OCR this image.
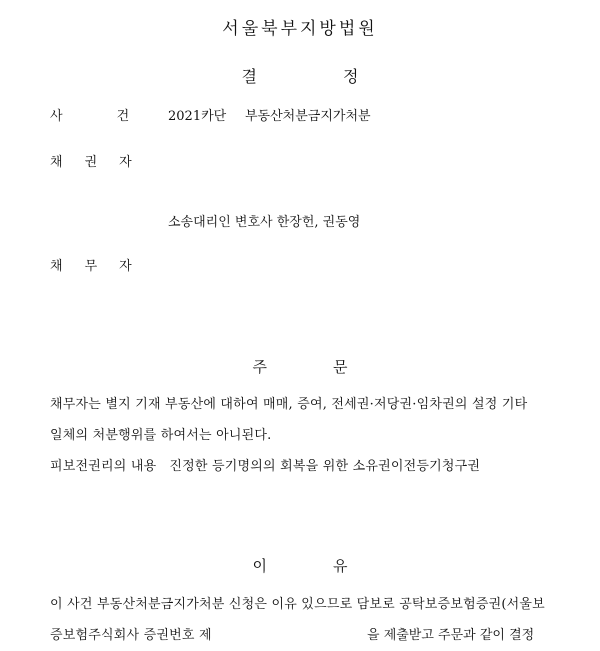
서울북부지방법원
결	정
사	건	2021카단 부동산처분금지가처분
채 권 자
소송대리인 변호사 한장헌, 권동영
채 무 자
주	문
채무자는 별지 기재 부동산에 대하여 매매, 증여, 전세권·저당권·임차권의 설정 기타
일체의 처분행위를 하여서는 아니된다.
피보전권리의 내용   진정한 등기명의의 회복을 위한 소유권이전등기청구권
이	유
이 사건 부동산처분금지가처분 신청은 이유 있으므로 담보로 공탁보증보험증권(서울보
증보험주식회사 증권번호 제	을 제출받고 주문과 같이 결정
